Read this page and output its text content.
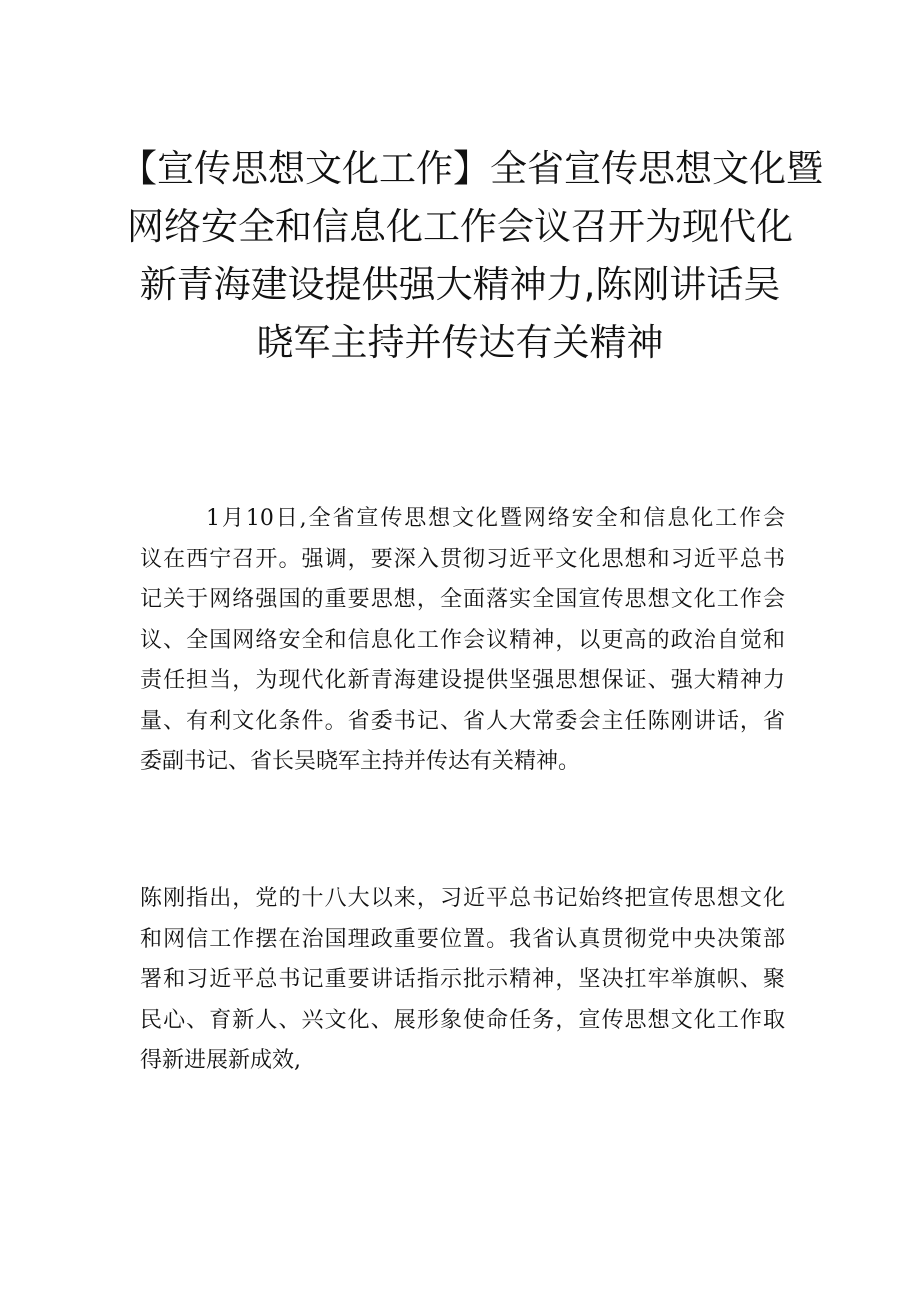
【宣传思想文化工作】全省宣传思想文化暨
网络安全和信息化工作会议召开为现代化
新青海建设提供强大精神力,陈刚讲话吴
晓军主持并传达有关精神
1月10日,全省宣传思想文化暨网络安全和信息化工作会
议在西宁召开。强调，要深入贯彻习近平文化思想和习近平总书
记关于网络强国的重要思想，全面落实全国宣传思想文化工作会
议、全国网络安全和信息化工作会议精神，以更高的政治自觉和
责任担当，为现代化新青海建设提供坚强思想保证、强大精神力
量、有利文化条件。省委书记、省人大常委会主任陈刚讲话，省
委副书记、省长吴晓军主持并传达有关精神。
陈刚指出，党的十八大以来，习近平总书记始终把宣传思想文化
和网信工作摆在治国理政重要位置。我省认真贯彻党中央决策部
署和习近平总书记重要讲话指示批示精神，坚决扛牢举旗帜、聚
民心、育新人、兴文化、展形象使命任务，宣传思想文化工作取
得新进展新成效,
